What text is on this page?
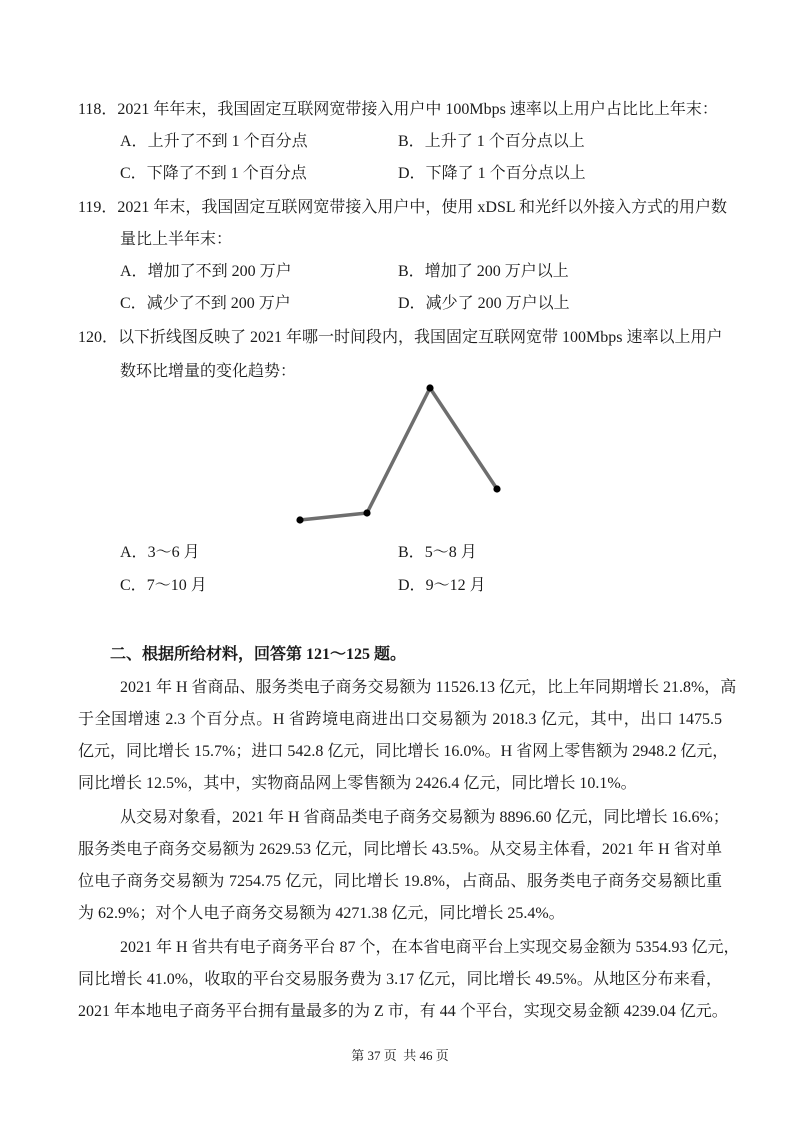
118．2021 年年末，我国固定互联网宽带接入用户中 100Mbps 速率以上用户占比比上年末：
A．上升了不到 1 个百分点	B．上升了 1 个百分点以上
C．下降了不到 1 个百分点	D．下降了 1 个百分点以上
119．2021 年末，我国固定互联网宽带接入用户中，使用 xDSL 和光纤以外接入方式的用户数
量比上半年末：
A．增加了不到 200 万户	B．增加了 200 万户以上
C．减少了不到 200 万户	D．减少了 200 万户以上
120．以下折线图反映了 2021 年哪一时间段内，我国固定互联网宽带 100Mbps 速率以上用户
数环比增量的变化趋势：
A．3～6 月	B．5～8 月
C．7～10 月	D．9～12 月
二、根据所给材料，回答第 121～125 题。
2021 年 H 省商品、服务类电子商务交易额为 11526.13 亿元，比上年同期增长 21.8%，高
于全国增速 2.3 个百分点。H 省跨境电商进出口交易额为 2018.3 亿元，其中，出口 1475.5
亿元，同比增长 15.7%；进口 542.8 亿元，同比增长 16.0%。H 省网上零售额为 2948.2 亿元，
同比增长 12.5%，其中，实物商品网上零售额为 2426.4 亿元，同比增长 10.1%。
从交易对象看，2021 年 H 省商品类电子商务交易额为 8896.60 亿元，同比增长 16.6%；
服务类电子商务交易额为 2629.53 亿元，同比增长 43.5%。从交易主体看，2021 年 H 省对单
位电子商务交易额为 7254.75 亿元，同比增长 19.8%，占商品、服务类电子商务交易额比重
为 62.9%；对个人电子商务交易额为 4271.38 亿元，同比增长 25.4%。
2021 年 H 省共有电子商务平台 87 个，在本省电商平台上实现交易金额为 5354.93 亿元，
同比增长 41.0%，收取的平台交易服务费为 3.17 亿元，同比增长 49.5%。从地区分布来看，
2021 年本地电子商务平台拥有量最多的为 Z 市，有 44 个平台，实现交易金额 4239.04 亿元。
第 37 页  共 46 页
